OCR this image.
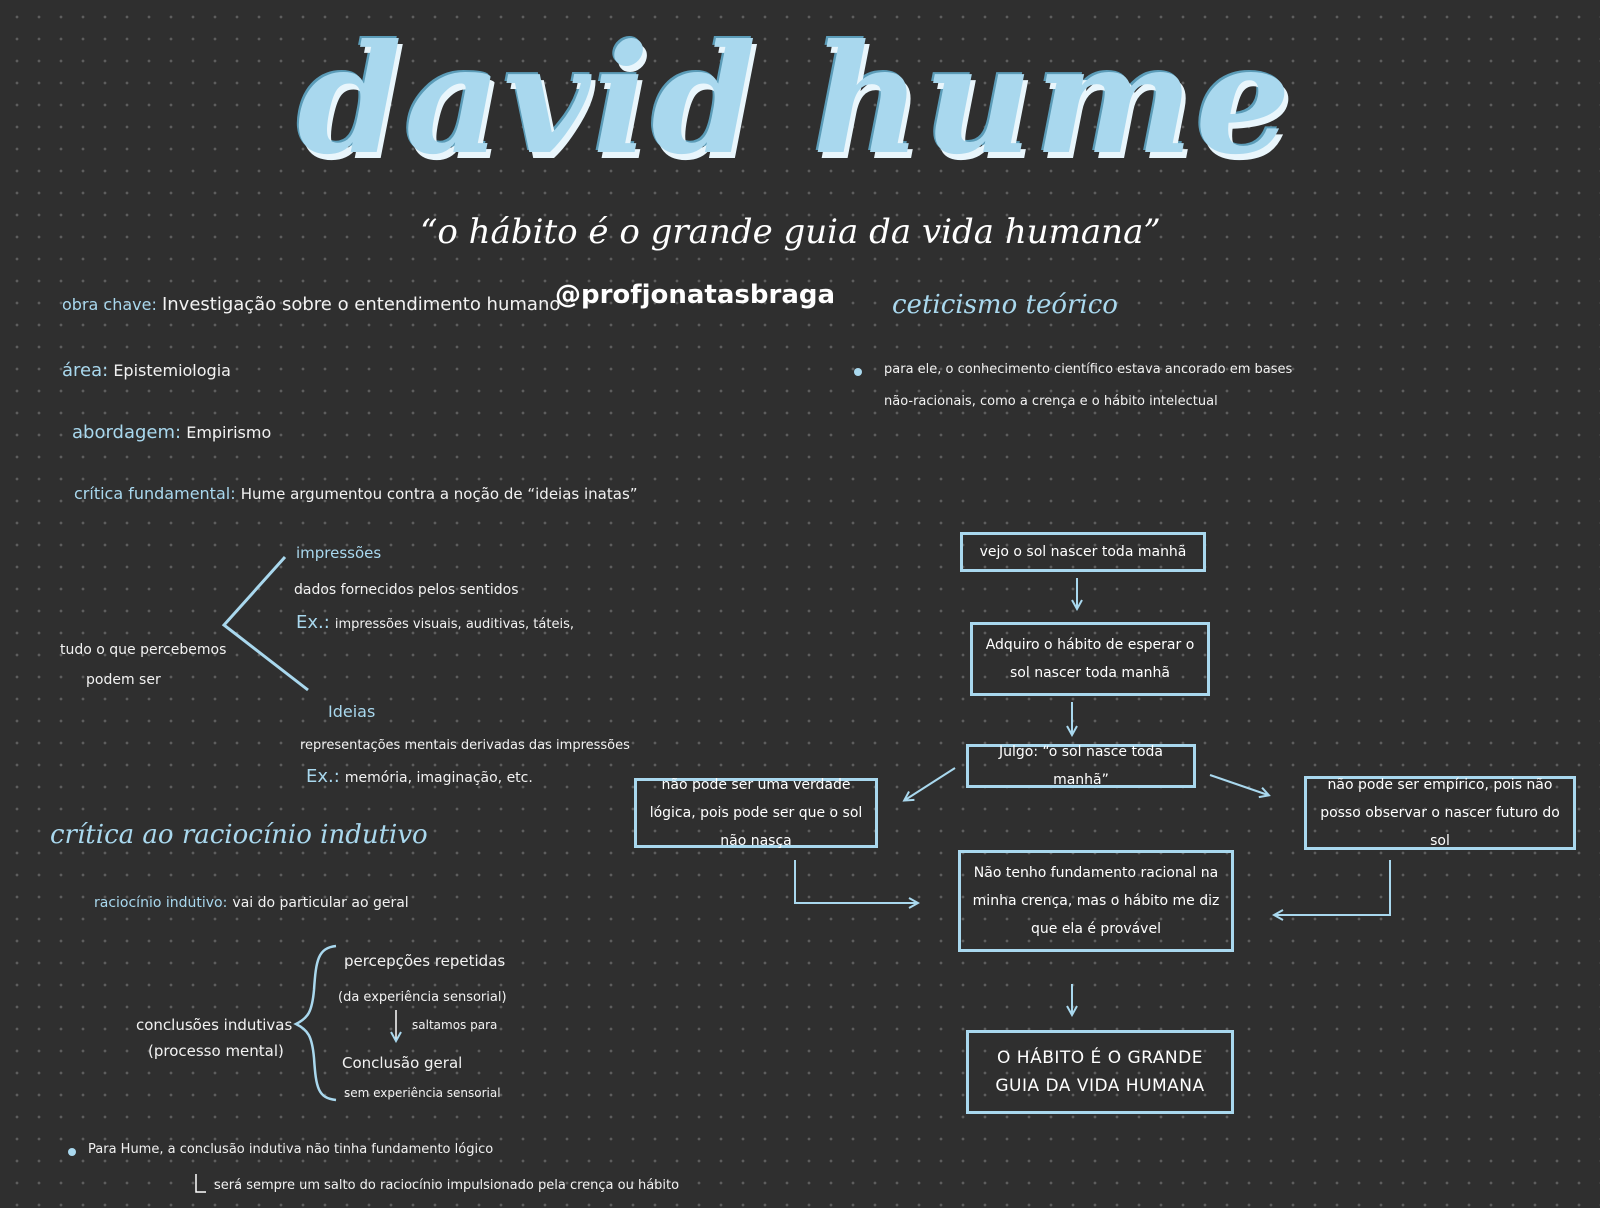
david hume
“o hábito é o grande guia da vida humana”
@profjonatasbraga
obra chave: Investigação sobre o entendimento humano
área: Epistemiologia
abordagem: Empirismo
crítica fundamental: Hume argumentou contra a noção de “ideias inatas”
tudo o que percebemos
podem ser
impressões
dados fornecidos pelos sentidos
Ex.: impressões visuais, auditivas, táteis,
Ideias
representações mentais derivadas das impressões
Ex.: memória, imaginação, etc.
crítica ao raciocínio indutivo
raciocínio indutivo: vai do particular ao geral
conclusões indutivas
(processo mental)
percepções repetidas
(da experiência sensorial)
saltamos para
Conclusão geral
sem experiência sensorial
Para Hume, a conclusão indutiva não tinha fundamento lógico
será sempre um salto do raciocínio impulsionado pela crença ou hábito
ceticismo teórico
para ele, o conhecimento científico estava ancorado em bases
não-racionais, como a crença e o hábito intelectual
vejo o sol nascer toda manhã
Adquiro o hábito de esperar o sol nascer toda manhã
Julgo: “o sol nasce toda manhã”
não pode ser uma verdade lógica, pois pode ser que o sol não nasça
não pode ser empírico, pois não posso observar o nascer futuro do sol
Não tenho fundamento racional na minha crença, mas o hábito me diz que ela é provável
O HÁBITO É O GRANDE GUIA DA VIDA HUMANA
